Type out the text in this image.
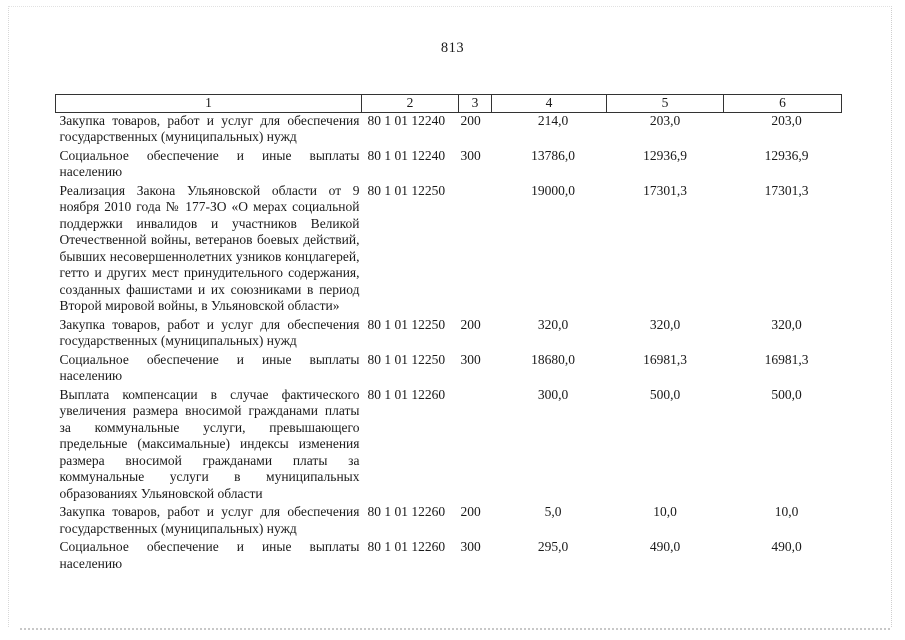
813
1	2	3	4	5	6
Закупка товаров, работ и услуг для обеспечения государственных (муниципальных) нужд	80 1 01 12240	200	214,0	203,0	203,0
Социальное обеспечение и иные выплаты населению	80 1 01 12240	300	13786,0	12936,9	12936,9
Реализация Закона Ульяновской области от 9 ноября 2010 года № 177-ЗО «О мерах социальной поддержки инвалидов и участников Великой Отечественной войны, ветеранов боевых действий, бывших несовершеннолетних узников концлагерей, гетто и других мест принудительного содержания, созданных фашистами и их союзниками в период Второй мировой войны, в Ульяновской области»	80 1 01 12250		19000,0	17301,3	17301,3
Закупка товаров, работ и услуг для обеспечения государственных (муниципальных) нужд	80 1 01 12250	200	320,0	320,0	320,0
Социальное обеспечение и иные выплаты населению	80 1 01 12250	300	18680,0	16981,3	16981,3
Выплата компенсации в случае фактического увеличения размера вносимой гражданами платы за коммунальные услуги, превышающего предельные (максимальные) индексы изменения размера вносимой гражданами платы за коммунальные услуги в муниципальных образованиях Ульяновской области	80 1 01 12260		300,0	500,0	500,0
Закупка товаров, работ и услуг для обеспечения государственных (муниципальных) нужд	80 1 01 12260	200	5,0	10,0	10,0
Социальное обеспечение и иные выплаты населению	80 1 01 12260	300	295,0	490,0	490,0
